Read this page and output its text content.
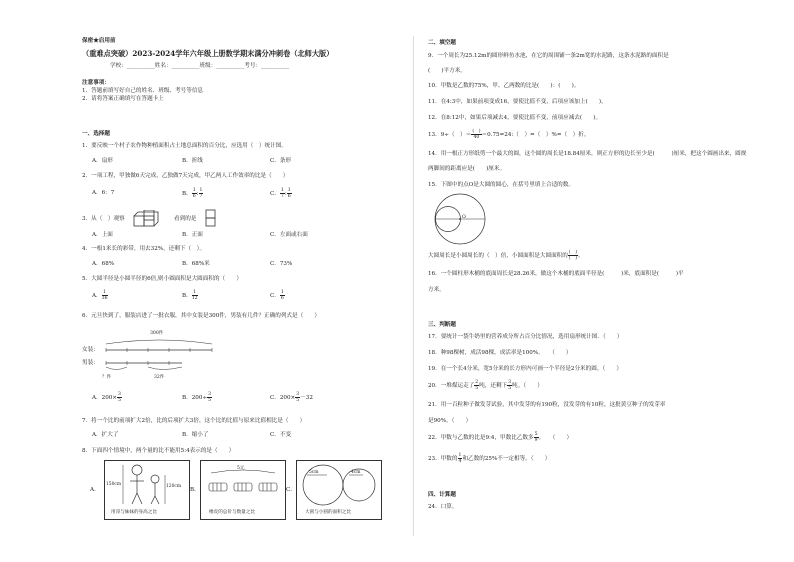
保密★启用前
（重难点突破）2023-2024学年六年级上册数学期末满分冲刺卷（北师大版）
学校：__________姓名：__________班级：__________考号：__________
注意事项：
1．答题前填写好自己的姓名、班级、考号等信息
2．请将答案正确填写在答题卡上
一、选择题
1．要反映一个村子农作物种植面积占土地总面积的百分比，应选用（　）统计图。
A．扇形	B．折线	C．条形
2．一项工程，甲独做6天完成，乙独做7天完成，甲乙两人工作效率的比是（　　）
A．6：7	B． $\frac{1}{6}$ : $\frac{1}{7}$	C． $\frac{1}{7}$ : $\frac{1}{6}$
3．从（　）观察	看到的是
A．上面	B．正面	C．左面或右面
4．一根1米长的彩带，用去32%，还剩下（　）。
A．68%	B．68%米	C．73%
5．大圆半径是小圆半径的6倍,则小圆面积是大圆面积的（　　）
A． $\frac{1}{36}$	B． $\frac{1}{12}$	C． $\frac{1}{6}$
6．元旦快到了，服装店进了一批衣服，其中女装是300件，男装有几件？正确的列式是（　　）
300件
女装：
男装：
？件	32件
A．$200\times \frac{3}{5}$	B．$200\div \frac{3}{5}$	C．$200\times \frac{3}{5} -32$
7．将一个比的前项扩大2倍，比的后项扩大3倍，这个比的比值与原来比值相比是（　　）
A．扩大了	B．缩小了	C．不变
8．下面四个情境中，两个量的比不能用5:4表示的是（　　）
A．
150cm	120cm
用哥与妹妹的身高之比
B．
5元
橡皮的总价与数量之比
C．
5cm	4cm
大圆与小圆的面积之比
二、填空题
9．一个周长为25.12m的圆形鲜鱼水池，在它的周围铺一条2m宽的水泥路，这条水泥路的面积是
(　　)平方米。
10．甲数是乙数的75%，甲、乙两数的比是(　　)：(　　)。
11．在4:3中，如果前项变成16，要使比值不变，后项应该加上(　　)。
12．在8:12中，如果后项减去4，要使比值不变，前项应减去(　　)。
13．9÷（　）＝ $\frac{( )}{40}$ ＝0.75=24:（　）=（　）%=（　）折。
14．用一根正方形纸剪一个最大的圆，这个圆的周长是18.84厘米，则正方形的边长至少是(　　　)厘米，把这个圆画出来，圆规
两脚间的距离应是(　　)厘米。
15．下图中的点O是大圆的圆心，在括号里填上合适的数。
O
大圆周长是小圆周长的（　）倍，小圆面积是大圆面积的 $\frac{( )}{( )}$ 。
16．一个圆柱形木桶的底面周长是28.26米，做这个木桶的底面半径是(　　　)米，底面积是(　　　)平
方米。
三、判断题
17．要统计一袋牛奶里的营养成分所占百分比情况，选用扇形统计图．（　　）
18．种98棵树，成活98棵，成活率是100%。　　（　　）
19．在一个长4分米，宽5分米的长方形内可画一个半径是2分米的圆。（　　）
20．一堆煤运走了 $\frac{2}{5}$ 吨，还剩下 $\frac{3}{5}$ 吨。（　　）
21．用一百粒种子做发芽试验，其中发芽的有190粒，没发芽的有10粒，这批黄豆种子的发芽率
是90%。（　　）
22．甲数与乙数的比是9:4，甲数比乙数多 $\frac{5}{9}$ 。　　（　　）
23．甲数的 $\frac{1}{4}$ 和乙数的25%不一定相等。（　　）
四、计算题
24．口算。
